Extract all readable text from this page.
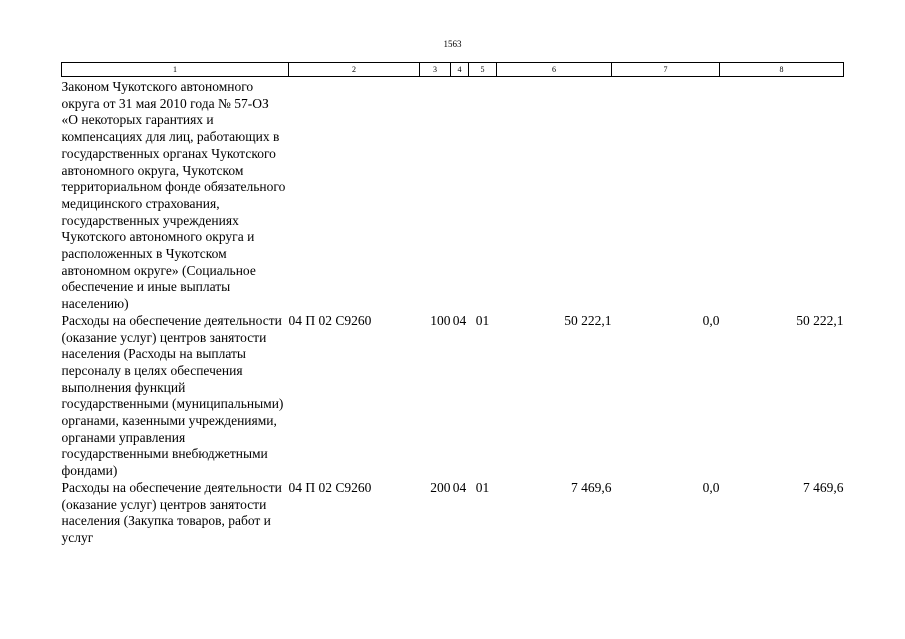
1563
1	2	3	4	5	6	7	8
Законом Чукотского автономного округа от 31 мая 2010 года № 57-ОЗ «О некоторых гарантиях и компенсациях для лиц, работающих в государственных органах Чукотского автономного округа, Чукотском территориальном фонде обязательного медицинского страхования, государственных учреждениях Чукотского автономного округа и расположенных в Чукотском автономном округе» (Социальное обеспечение и иные выплаты населению)							
Расходы на обеспечение деятельности (оказание услуг) центров занятости населения (Расходы на выплаты персоналу в целях обеспечения выполнения функций государственными (муниципальными) органами, казенными учреждениями, органами управления государственными внебюджетными фондами)	04 П 02 С9260	100	04	01	50 222,1	0,0	50 222,1
Расходы на обеспечение деятельности (оказание услуг) центров занятости населения (Закупка товаров, работ и услуг	04 П 02 С9260	200	04	01	7 469,6	0,0	7 469,6
